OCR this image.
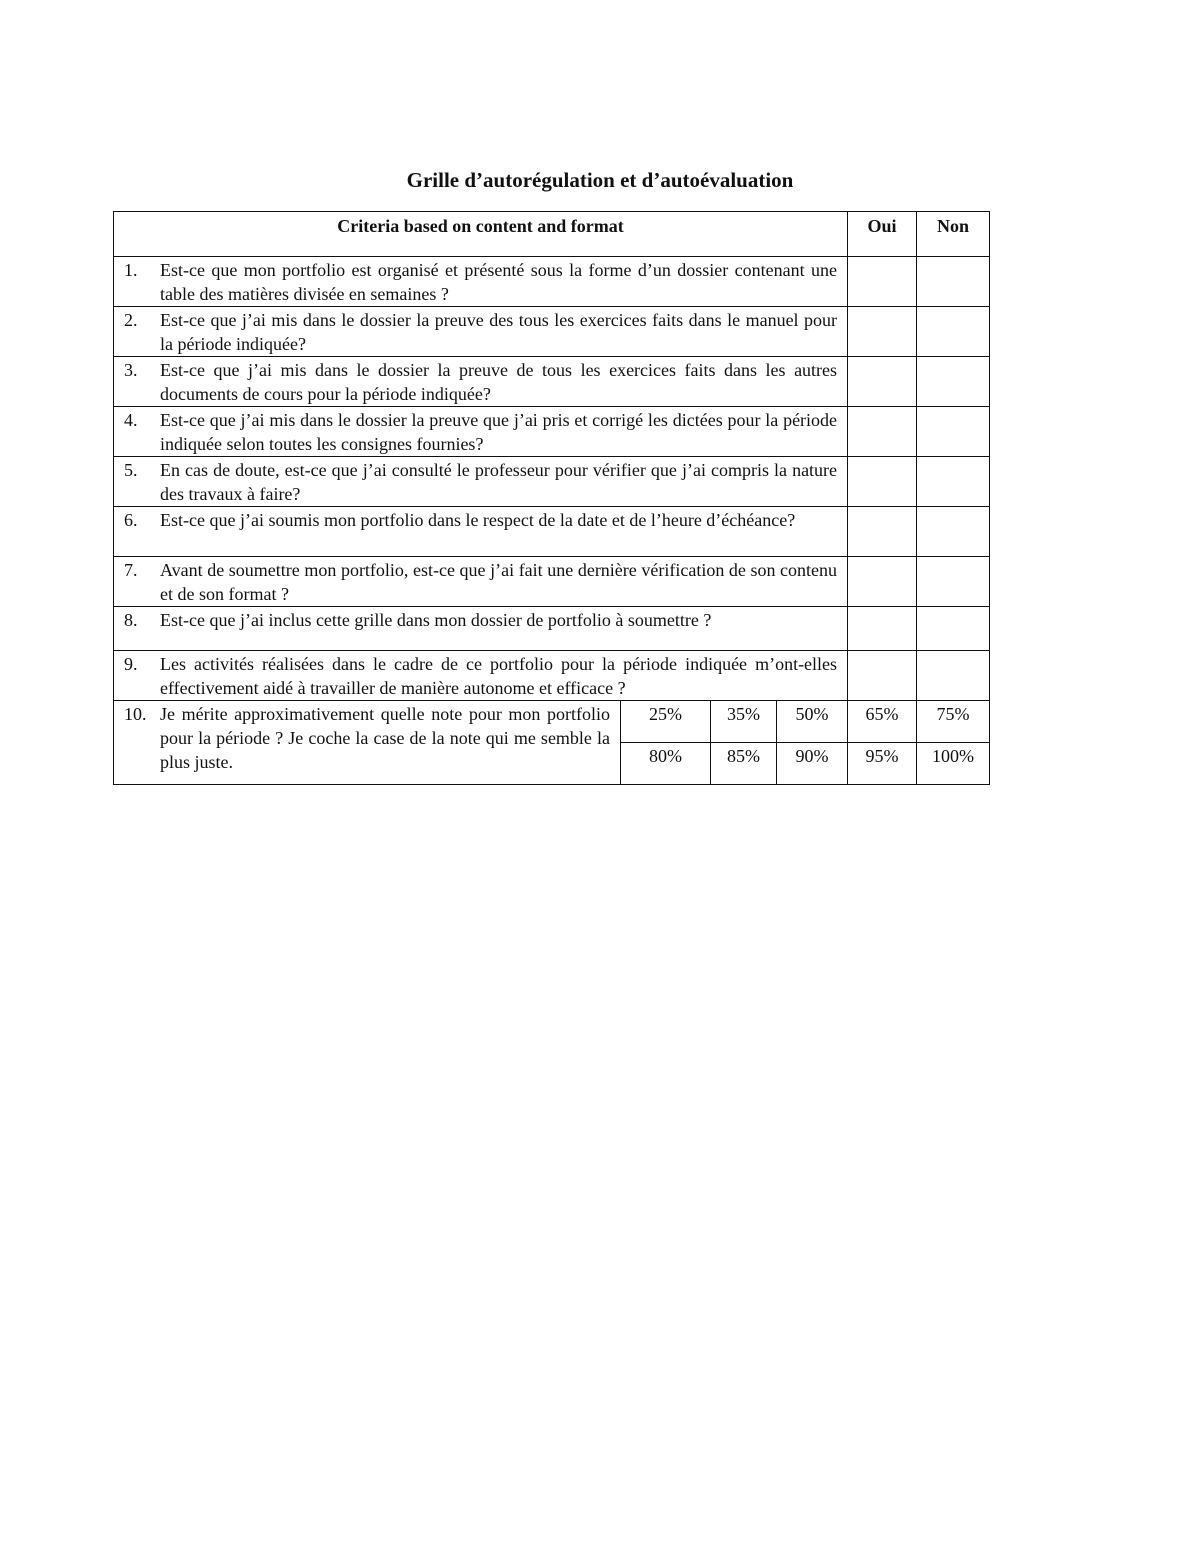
Grille d’autorégulation et d’autoévaluation
Criteria based on content and format				Oui	Non

1. Est-ce que mon portfolio est organisé et présenté sous la forme d’un dossier contenant une table des matières divisée en semaines ?					

2. Est-ce que j’ai mis dans le dossier la preuve des tous les exercices faits dans le manuel pour la période indiquée?					

3. Est-ce que j’ai mis dans le dossier la preuve de tous les exercices faits dans les autres documents de cours pour la période indiquée?					

4. Est-ce que j’ai mis dans le dossier la preuve que j’ai pris et corrigé les dictées pour la période indiquée selon toutes les consignes fournies?					

5. En cas de doute, est-ce que j’ai consulté le professeur pour vérifier que j’ai compris la nature des travaux à faire?					

6. Est-ce que j’ai soumis mon portfolio dans le respect de la date et de l’heure d’échéance?					

7. Avant de soumettre mon portfolio, est-ce que j’ai fait une dernière vérification de son contenu et de son format ?					

8. Est-ce que j’ai inclus cette grille dans mon dossier de portfolio à soumettre ?					

9. Les activités réalisées dans le cadre de ce portfolio pour la période indiquée m’ont-elles effectivement aidé à travailler de manière autonome et efficace ?					

10. Je mérite approximativement quelle note pour mon portfolio pour la période ? Je coche la case de la note qui me semble la plus juste.	25%	35%	50%	65%	75%
	80%	85%	90%	95%	100%
